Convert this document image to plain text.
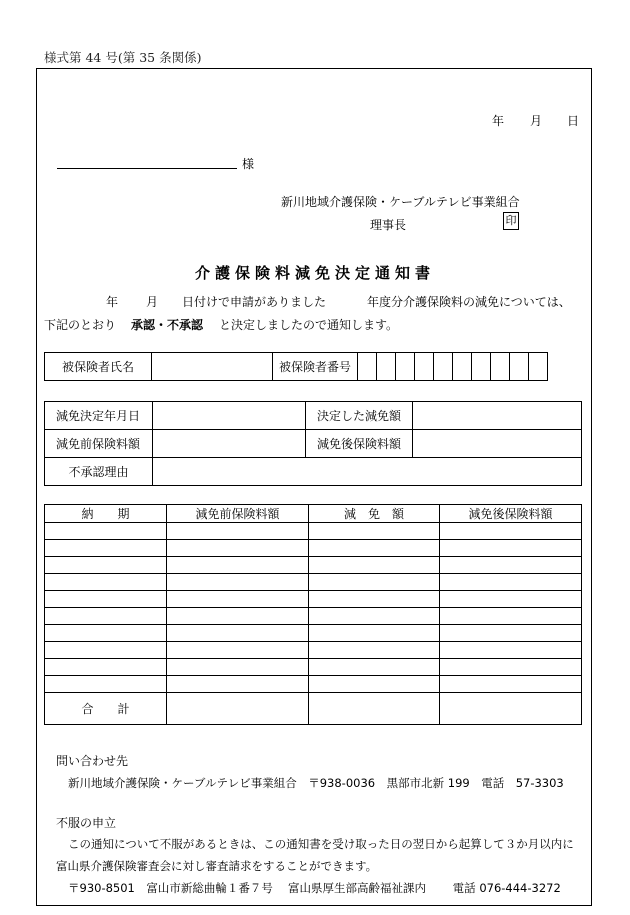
様式第 44 号(第 35 条関係)
年 月 日
様
新川地域介護保険・ケーブルテレビ事業組合
理事長	印
介護保険料減免決定通知書
年 月 日付けで申請がありました	年度分介護保険料の減免については、
下記のとおり 承認・不承認 と決定しましたので通知します。
被保険者氏名		被保険者番号										
減免決定年月日		決定した減免額	
減免前保険料額		減免後保険料額	
不承認理由			
納　　期	減免前保険料額	減　免　額	減免後保険料額

合　　計			
問い合わせ先
新川地域介護保険・ケーブルテレビ事業組合　〒938-0036　黒部市北新 199　電話　57-3303
不服の申立
この通知について不服があるときは、この通知書を受け取った日の翌日から起算して３か月以内に
富山県介護保険審査会に対し審査請求をすることができます。
〒930-8501　富山市新総曲輪１番７号　 富山県厚生部高齢福祉課内　　 電話 076-444-3272
